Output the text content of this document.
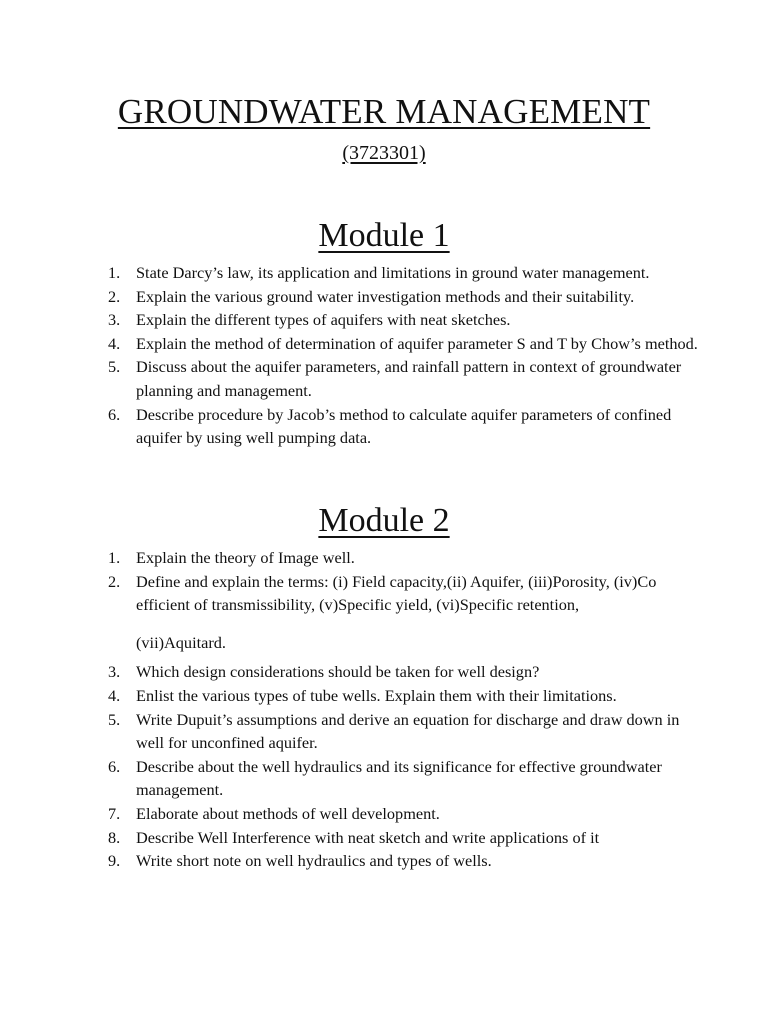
GROUNDWATER MANAGEMENT
(3723301)
Module 1
1. State Darcy’s law, its application and limitations in ground water management.
2. Explain the various ground water investigation methods and their suitability.
3. Explain the different types of aquifers with neat sketches.
4. Explain the method of determination of aquifer parameter S and T by Chow’s method.
5. Discuss about the aquifer parameters, and rainfall pattern in context of groundwater planning and management.
6. Describe procedure by Jacob’s method to calculate aquifer parameters of confined aquifer by using well pumping data.
Module 2
1. Explain the theory of Image well.
2. Define and explain the terms: (i) Field capacity,(ii) Aquifer, (iii)Porosity, (iv)Co efficient of transmissibility, (v)Specific yield, (vi)Specific retention,
(vii)Aquitard.
3. Which design considerations should be taken for well design?
4. Enlist the various types of tube wells. Explain them with their limitations.
5. Write Dupuit’s assumptions and derive an equation for discharge and draw down in well for unconfined aquifer.
6. Describe about the well hydraulics and its significance for effective groundwater management.
7. Elaborate about methods of well development.
8. Describe Well Interference with neat sketch and write applications of it
9. Write short note on well hydraulics and types of wells.
